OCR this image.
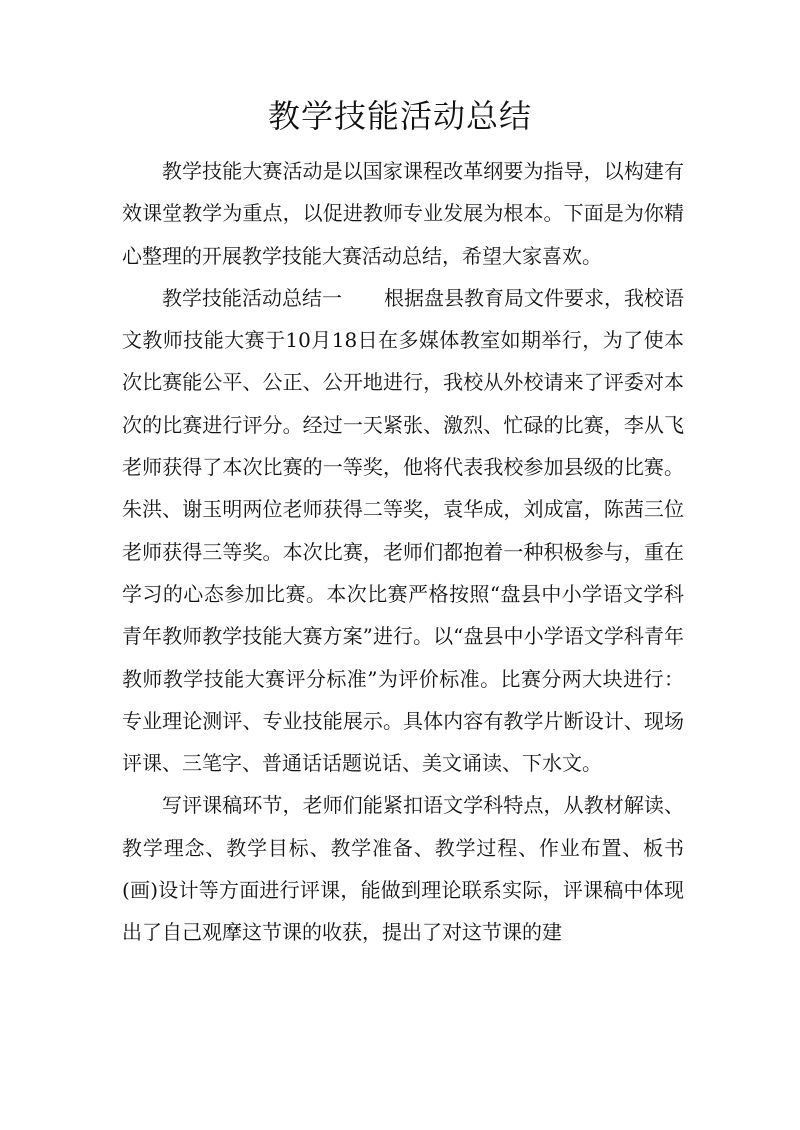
教学技能活动总结

教学技能大赛活动是以国家课程改革纲要为指导，以构建有效课堂教学为重点，以促进教师专业发展为根本。下面是为你精心整理的开展教学技能大赛活动总结，希望大家喜欢。

教学技能活动总结一 根据盘县教育局文件要求，我校语文教师技能大赛于10月18日在多媒体教室如期举行，为了使本次比赛能公平、公正、公开地进行，我校从外校请来了评委对本次的比赛进行评分。经过一天紧张、激烈、忙碌的比赛，李从飞老师获得了本次比赛的一等奖，他将代表我校参加县级的比赛。朱洪、谢玉明两位老师获得二等奖，袁华成，刘成富，陈茜三位老师获得三等奖。本次比赛，老师们都抱着一种积极参与，重在学习的心态参加比赛。本次比赛严格按照“盘县中小学语文学科青年教师教学技能大赛方案”进行。以“盘县中小学语文学科青年教师教学技能大赛评分标准”为评价标准。比赛分两大块进行：专业理论测评、专业技能展示。具体内容有教学片断设计、现场评课、三笔字、普通话话题说话、美文诵读、下水文。

写评课稿环节，老师们能紧扣语文学科特点，从教材解读、教学理念、教学目标、教学准备、教学过程、作业布置、板书(画)设计等方面进行评课，能做到理论联系实际，评课稿中体现出了自己观摩这节课的收获，提出了对这节课的建
